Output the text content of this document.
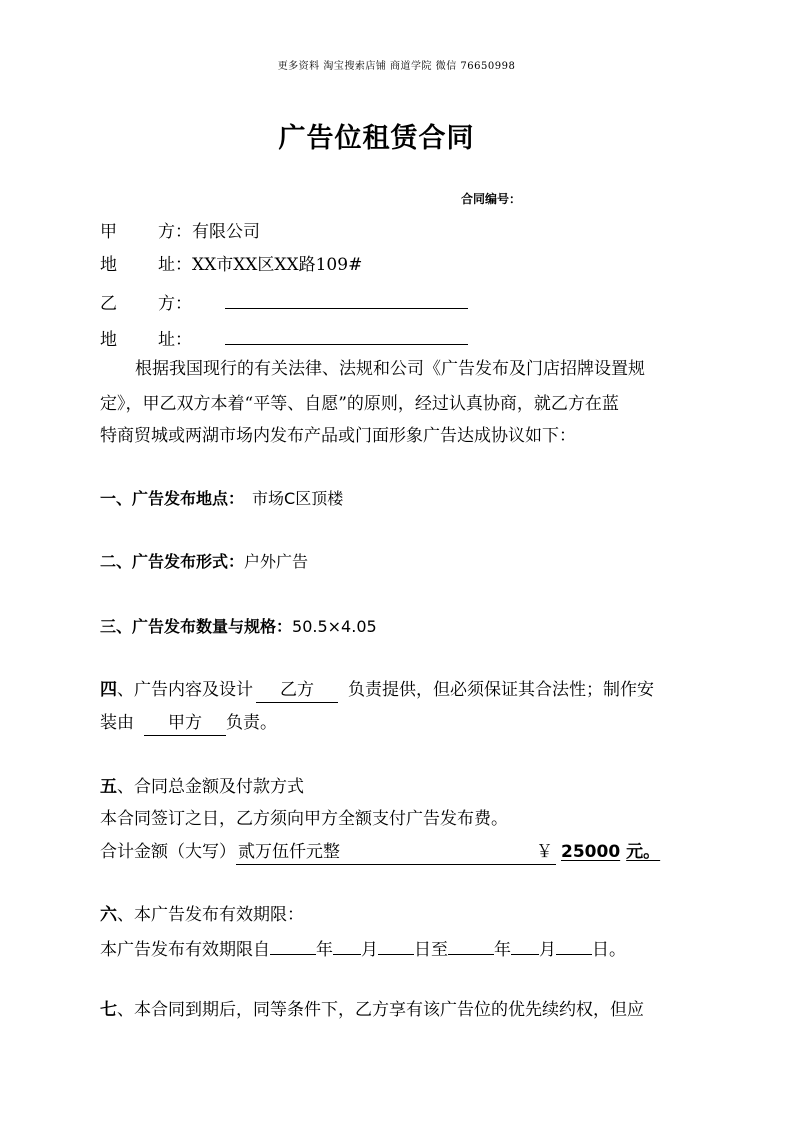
更多资料 淘宝搜索店铺 商道学院 微信 76650998
广告位租赁合同
合同编号：
甲方：有限公司
地址：XX市XX区XX路109#
乙方：
地址：
根据我国现行的有关法律、法规和公司《广告发布及门店招牌设置规
定》，甲乙双方本着“平等、自愿”的原则，经过认真协商，就乙方在蓝
特商贸城或两湖市场内发布产品或门面形象广告达成协议如下：
一、广告发布地点： 市场C区顶楼
二、广告发布形式：户外广告
三、广告发布数量与规格：50.5×4.05
四、广告内容及设计 乙方 负责提供，但必须保证其合法性；制作安
装由 甲方 负责。
五、合同总金额及付款方式
本合同签订之日，乙方须向甲方全额支付广告发布费。
合计金额（大写） 贰万伍仟元整	￥ 25000 元。
六、本广告发布有效期限：
本广告发布有效期限自	年 月 日至	年 月 日。
七、本合同到期后，同等条件下，乙方享有该广告位的优先续约权，但应
